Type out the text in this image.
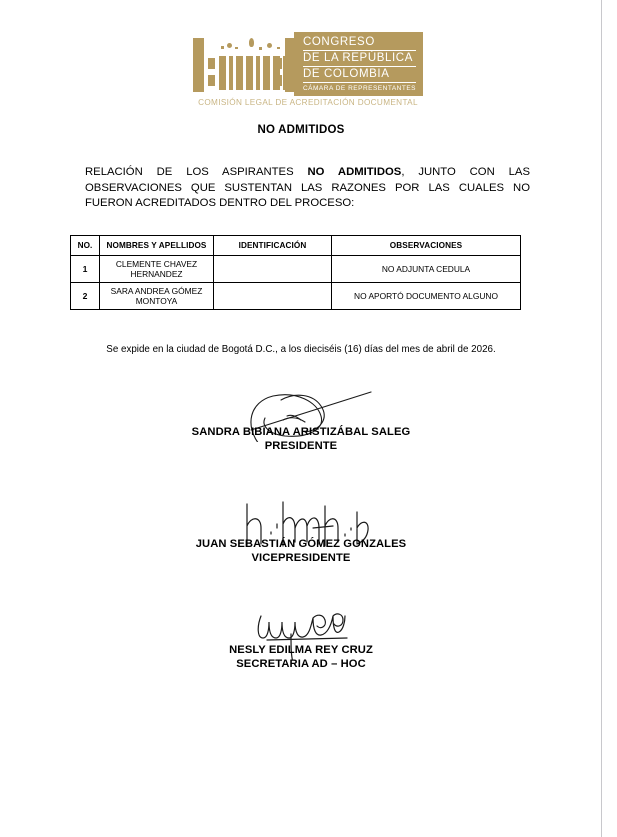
CONGRESO
DE LA REPÚBLICA
DE COLOMBIA
CÁMARA DE REPRESENTANTES
COMISIÓN LEGAL DE ACREDITACIÓN DOCUMENTAL
NO ADMITIDOS
RELACIÓN DE LOS ASPIRANTES NO ADMITIDOS, JUNTO CON LAS OBSERVACIONES QUE SUSTENTAN LAS RAZONES POR LAS CUALES NO FUERON ACREDITADOS DENTRO DEL PROCESO:
NO.	NOMBRES Y APELLIDOS	IDENTIFICACIÓN	OBSERVACIONES
1	CLEMENTE CHAVEZ HERNANDEZ		NO ADJUNTA CEDULA
2	SARA ANDREA GÓMEZ MONTOYA		NO APORTÓ DOCUMENTO ALGUNO
Se expide en la ciudad de Bogotá D.C., a los dieciséis (16) días del mes de abril de 2026.
SANDRA BIBIANA ARISTIZÁBAL SALEG
PRESIDENTE
JUAN SEBASTIÁN GÓMEZ GONZALES
VICEPRESIDENTE
NESLY EDILMA REY CRUZ
SECRETARIA AD – HOC
